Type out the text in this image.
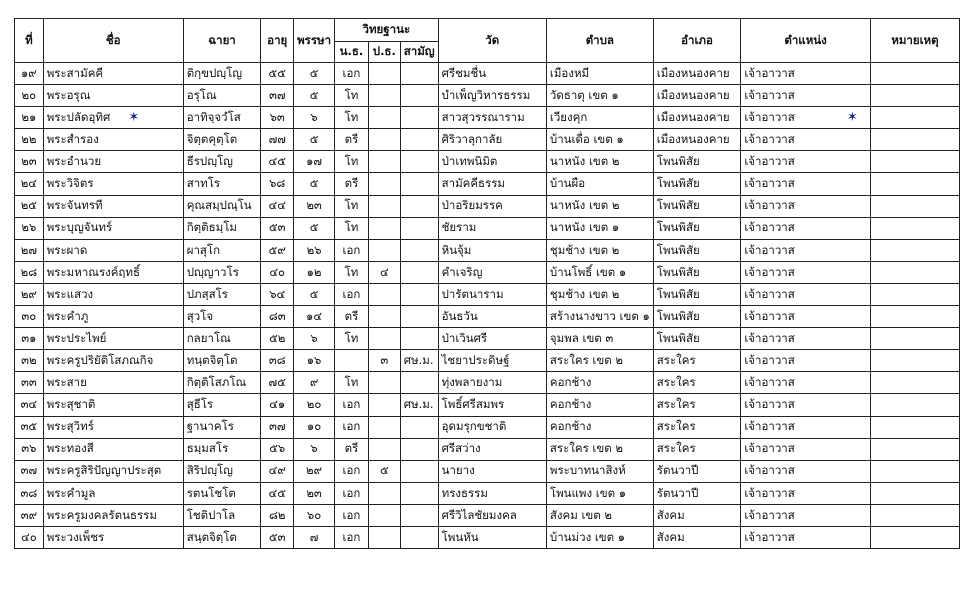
ที่	ชื่อ	ฉายา	อายุ	พรรษา	วิทยฐานะ			วัด	ตำบล	อำเภอ	ตำแหน่ง	หมายเหตุ
					น.ธ.	ป.ธ.	สามัญ					
๑๙	พระสามัคคี	ติกฺขปญฺโญ	๕๕	๕	เอก			ศรีชมชื่น	เมืองหมี	เมืองหนองคาย	เจ้าอาวาส	
๒๐	พระอรุณ	อรุโณ	๓๗	๕	โท			บำเพ็ญวิหารธรรม	วัดธาตุ เขต ๑	เมืองหนองคาย	เจ้าอาวาส	
๒๑	พระปลัดอุทิศ ✶	อาทิจฺจวํโส	๖๓	๖	โท			สาวสุวรรณาราม	เวียงคุก	เมืองหนองคาย	เจ้าอาวาส ✶	
๒๒	พระสำรอง	จิตฺตคุตฺโต	๗๗	๕	ตรี			ศิริวาลุกาลัย	บ้านเดื่อ เขต ๑	เมืองหนองคาย	เจ้าอาวาส	
๒๓	พระอำนวย	ธีรปญฺโญ	๔๕	๑๗	โท			ป่าเทพนิมิต	นาหนัง เขต ๒	โพนพิสัย	เจ้าอาวาส	
๒๔	พระวิจิตร	สาทโร	๖๘	๕	ตรี			สามัคคีธรรม	บ้านผือ	โพนพิสัย	เจ้าอาวาส	
๒๕	พระจันทรที	คุณสมฺปณฺโน	๔๔	๒๓	โท			ป่าอริยมรรค	นาหนัง เขต ๒	โพนพิสัย	เจ้าอาวาส	
๒๖	พระบุญจันทร์	กิตฺติธมฺโม	๕๓	๕	โท			ชัยราม	นาหนัง เขต ๑	โพนพิสัย	เจ้าอาวาส	
๒๗	พระผาด	ผาสุโก	๕๙	๒๖	เอก			หินจุ้ม	ชุมช้าง เขต ๒	โพนพิสัย	เจ้าอาวาส	
๒๘	พระมหาณรงค์ฤทธิ์	ปญฺญาวโร	๔๐	๑๒	โท	๔		คำเจริญ	บ้านโพธิ์ เขต ๑	โพนพิสัย	เจ้าอาวาส	
๒๙	พระแสวง	ปภสฺสโร	๖๔	๕	เอก			ปารัตนาราม	ชุมช้าง เขต ๒	โพนพิสัย	เจ้าอาวาส	
๓๐	พระคำภู	สุวโจ	๘๓	๑๔	ตรี			อันธวัน	สร้างนางขาว เขต ๑	โพนพิสัย	เจ้าอาวาส	
๓๑	พระประไพย์	กลยาโณ	๕๒	๖	โท			ป่าเวินศรี	จุมพล เขต ๓	โพนพิสัย	เจ้าอาวาส	
๓๒	พระครูปริยัติโสภณกิจ	ทนฺตจิตฺโต	๓๘	๑๖		๓	ศษ.ม.	ไชยาประดิษฐ์	สระใคร เขต ๒	สระใคร	เจ้าอาวาส	
๓๓	พระสาย	กิตฺติโสภโณ	๗๕	๙	โท			ทุ่งพลายงาม	คอกช้าง	สระใคร	เจ้าอาวาส	
๓๔	พระสุชาติ	สุธีโร	๔๑	๒๐	เอก		ศษ.ม.	โพธิ์ศรีสมพร	คอกช้าง	สระใคร	เจ้าอาวาส	
๓๕	พระสุวิทร์	ฐานาคโร	๓๗	๑๐	เอก			อุดมรุกขชาติ	คอกช้าง	สระใคร	เจ้าอาวาส	
๓๖	พระทองสี	ธมฺมสโร	๕๖	๖	ตรี			ศรีสว่าง	สระใคร เขต ๒	สระใคร	เจ้าอาวาส	
๓๗	พระครูสิริปัญญาประสุต	สิริปญฺโญ	๔๙	๒๙	เอก	๕		นายาง	พระบาทนาสิงห์	รัตนวาปี	เจ้าอาวาส	
๓๘	พระคำมูล	รตนโชโต	๔๕	๒๓	เอก			ทรงธรรม	โพนแพง เขต ๑	รัตนวาปี	เจ้าอาวาส	
๓๙	พระครูมงคลรัตนธรรม	โชติปาโล	๘๒	๖๐	เอก			ศรีวิไลชัยมงคล	สังคม เขต ๒	สังคม	เจ้าอาวาส	
๔๐	พระวงเพ็ชร	สนฺตจิตฺโต	๕๓	๗	เอก			โพนหัน	บ้านม่วง เขต ๑	สังคม	เจ้าอาวาส	
